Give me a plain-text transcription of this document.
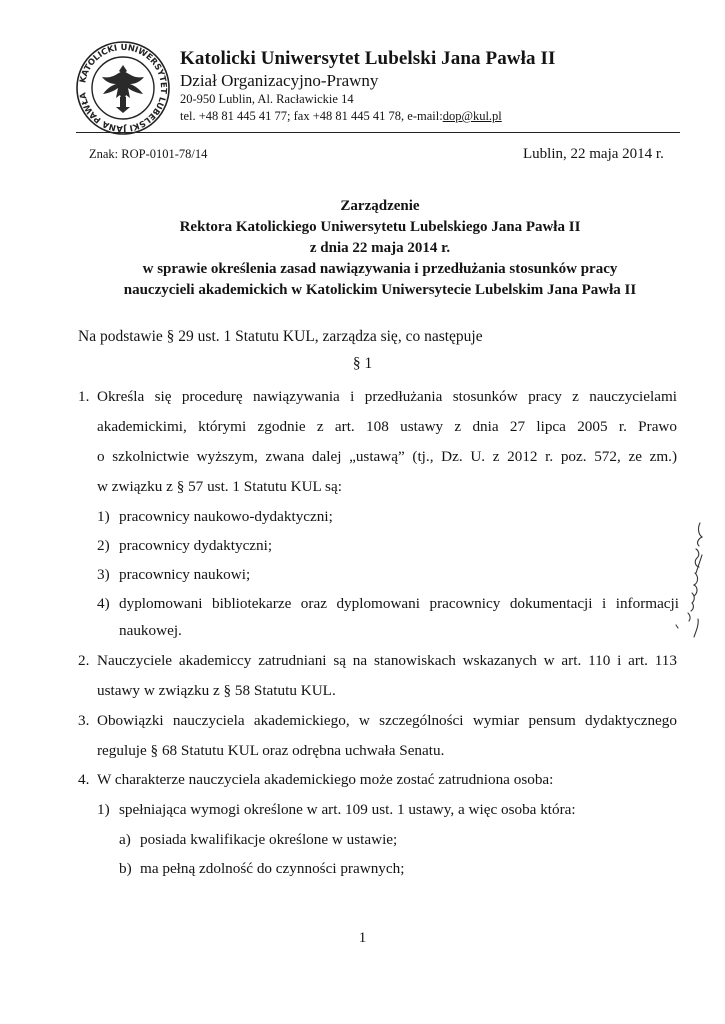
KATOLICKI UNIWERSYTET LUBELSKI JANA PAWŁA
Katolicki Uniwersytet Lubelski Jana Pawła II
Dział Organizacyjno-Prawny
20-950 Lublin, Al. Racławickie 14
tel. +48 81 445 41 77; fax +48 81 445 41 78, e-mail:dop@kul.pl
Znak: ROP-0101-78/14	Lublin, 22 maja 2014 r.
Zarządzenie
Rektora Katolickiego Uniwersytetu Lubelskiego Jana Pawła II
z dnia 22 maja 2014 r.
w sprawie określenia zasad nawiązywania i przedłużania stosunków pracy
nauczycieli akademickich w Katolickim Uniwersytecie Lubelskim Jana Pawła II
Na podstawie § 29 ust. 1 Statutu KUL, zarządza się, co następuje
§ 1
1. Określa się procedurę nawiązywania i przedłużania stosunków pracy z nauczycielami
akademickimi, którymi zgodnie z art. 108 ustawy z dnia 27 lipca 2005 r. Prawo
o szkolnictwie wyższym, zwana dalej „ustawą” (tj., Dz. U. z 2012 r. poz. 572, ze zm.)
w związku z § 57 ust. 1 Statutu KUL są:
1) pracownicy naukowo-dydaktyczni;
2) pracownicy dydaktyczni;
3) pracownicy naukowi;
4) dyplomowani bibliotekarze oraz dyplomowani pracownicy dokumentacji i informacji
naukowej.
2. Nauczyciele akademiccy zatrudniani są na stanowiskach wskazanych w art. 110 i art. 113
ustawy w związku z § 58 Statutu KUL.
3. Obowiązki nauczyciela akademickiego, w szczególności wymiar pensum dydaktycznego
reguluje § 68 Statutu KUL oraz odrębna uchwała Senatu.
4. W charakterze nauczyciela akademickiego może zostać zatrudniona osoba:
1) spełniająca wymogi określone w art. 109 ust. 1 ustawy, a więc osoba która:
a) posiada kwalifikacje określone w ustawie;
b) ma pełną zdolność do czynności prawnych;
1
